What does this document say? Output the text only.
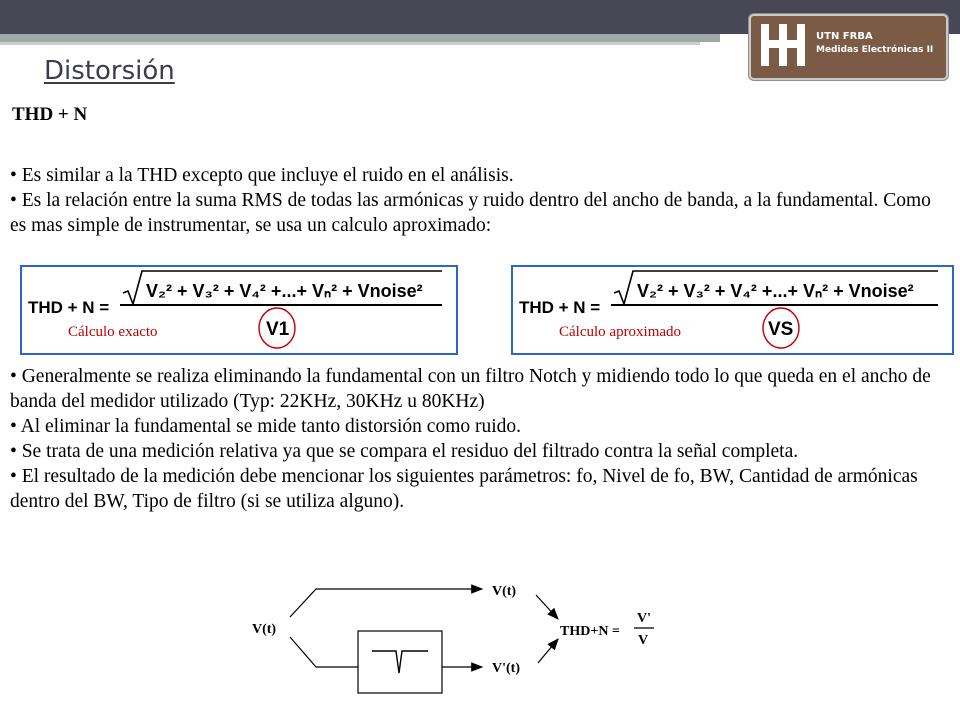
UTN FRBA
Medidas Electrónicas II
Distorsión
THD + N
• Es similar a la THD excepto que incluye el ruido en el análisis.
• Es la relación entre la suma RMS de todas las armónicas y ruido dentro del ancho de banda, a la fundamental. Como es mas simple de instrumentar, se usa un calculo aproximado:
THD + N =
V₂² + V₃² + V₄² +...+ Vₙ² + Vnoise²
V1
Cálculo exacto
THD + N =
V₂² + V₃² + V₄² +...+ Vₙ² + Vnoise²
VS
Cálculo aproximado
• Generalmente se realiza eliminando la fundamental con un filtro Notch y midiendo todo lo que queda en el ancho de banda del medidor utilizado (Typ: 22KHz, 30KHz u 80KHz)
• Al eliminar la fundamental se mide tanto distorsión como ruido.
• Se trata de una medición relativa ya que se compara el residuo del filtrado contra la señal completa.
• El resultado de la medición debe mencionar los siguientes parámetros: fo, Nivel de fo, BW, Cantidad de armónicas dentro del BW, Tipo de filtro (si se utiliza alguno).
V(t)
V(t)
V'(t)
THD+N =
V'
V
